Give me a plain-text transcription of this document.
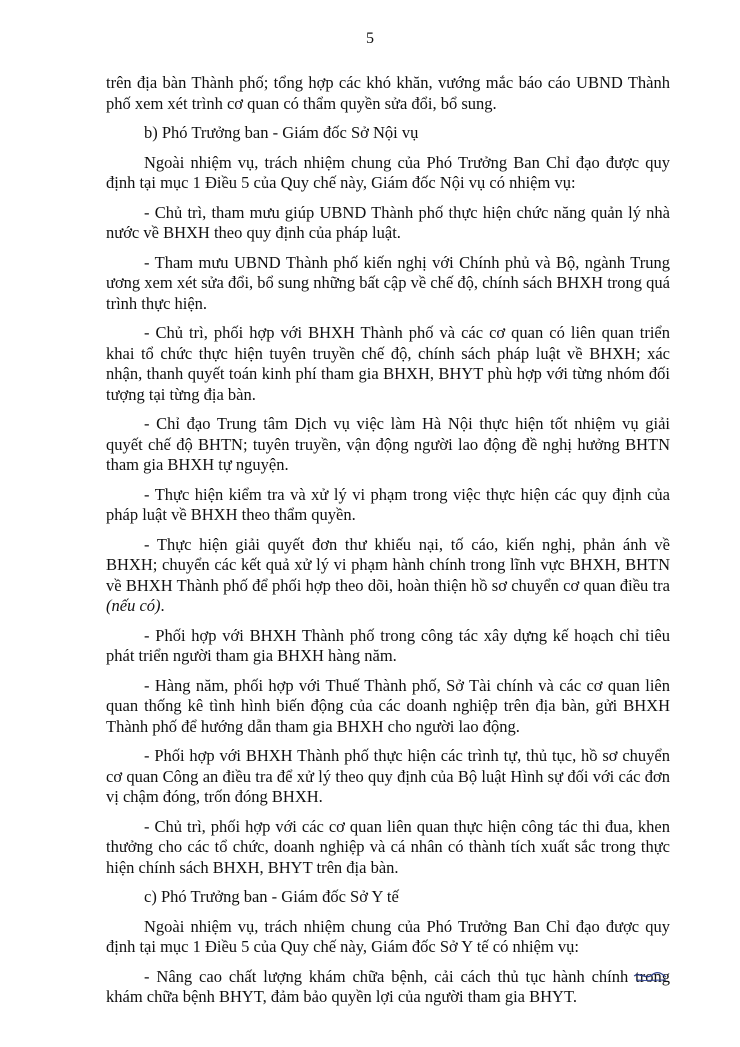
5

trên địa bàn Thành phố; tổng hợp các khó khăn, vướng mắc báo cáo UBND Thành phố xem xét trình cơ quan có thẩm quyền sửa đổi, bổ sung.

b) Phó Trưởng ban - Giám đốc Sở Nội vụ

Ngoài nhiệm vụ, trách nhiệm chung của Phó Trưởng Ban Chỉ đạo được quy định tại mục 1 Điều 5 của Quy chế này, Giám đốc Nội vụ có nhiệm vụ:

- Chủ trì, tham mưu giúp UBND Thành phố thực hiện chức năng quản lý nhà nước về BHXH theo quy định của pháp luật.

- Tham mưu UBND Thành phố kiến nghị với Chính phủ và Bộ, ngành Trung ương xem xét sửa đổi, bổ sung những bất cập về chế độ, chính sách BHXH trong quá trình thực hiện.

- Chủ trì, phối hợp với BHXH Thành phố và các cơ quan có liên quan triển khai tổ chức thực hiện tuyên truyền chế độ, chính sách pháp luật về BHXH; xác nhận, thanh quyết toán kinh phí tham gia BHXH, BHYT phù hợp với từng nhóm đối tượng tại từng địa bàn.

- Chỉ đạo Trung tâm Dịch vụ việc làm Hà Nội thực hiện tốt nhiệm vụ giải quyết chế độ BHTN; tuyên truyền, vận động người lao động đề nghị hưởng BHTN tham gia BHXH tự nguyện.

- Thực hiện kiểm tra và xử lý vi phạm trong việc thực hiện các quy định của pháp luật về BHXH theo thẩm quyền.

- Thực hiện giải quyết đơn thư khiếu nại, tố cáo, kiến nghị, phản ánh về BHXH; chuyển các kết quả xử lý vi phạm hành chính trong lĩnh vực BHXH, BHTN về BHXH Thành phố để phối hợp theo dõi, hoàn thiện hồ sơ chuyển cơ quan điều tra (nếu có).

- Phối hợp với BHXH Thành phố trong công tác xây dựng kế hoạch chỉ tiêu phát triển người tham gia BHXH hàng năm.

- Hàng năm, phối hợp với Thuế Thành phố, Sở Tài chính và các cơ quan liên quan thống kê tình hình biến động của các doanh nghiệp trên địa bàn, gửi BHXH Thành phố để hướng dẫn tham gia BHXH cho người lao động.

- Phối hợp với BHXH Thành phố thực hiện các trình tự, thủ tục, hồ sơ chuyển cơ quan Công an điều tra để xử lý theo quy định của Bộ luật Hình sự đối với các đơn vị chậm đóng, trốn đóng BHXH.

- Chủ trì, phối hợp với các cơ quan liên quan thực hiện công tác thi đua, khen thưởng cho các tổ chức, doanh nghiệp và cá nhân có thành tích xuất sắc trong thực hiện chính sách BHXH, BHYT trên địa bàn.

c) Phó Trưởng ban - Giám đốc Sở Y tế

Ngoài nhiệm vụ, trách nhiệm chung của Phó Trưởng Ban Chỉ đạo được quy định tại mục 1 Điều 5 của Quy chế này, Giám đốc Sở Y tế có nhiệm vụ:

- Nâng cao chất lượng khám chữa bệnh, cải cách thủ tục hành chính trong khám chữa bệnh BHYT, đảm bảo quyền lợi của người tham gia BHYT.
